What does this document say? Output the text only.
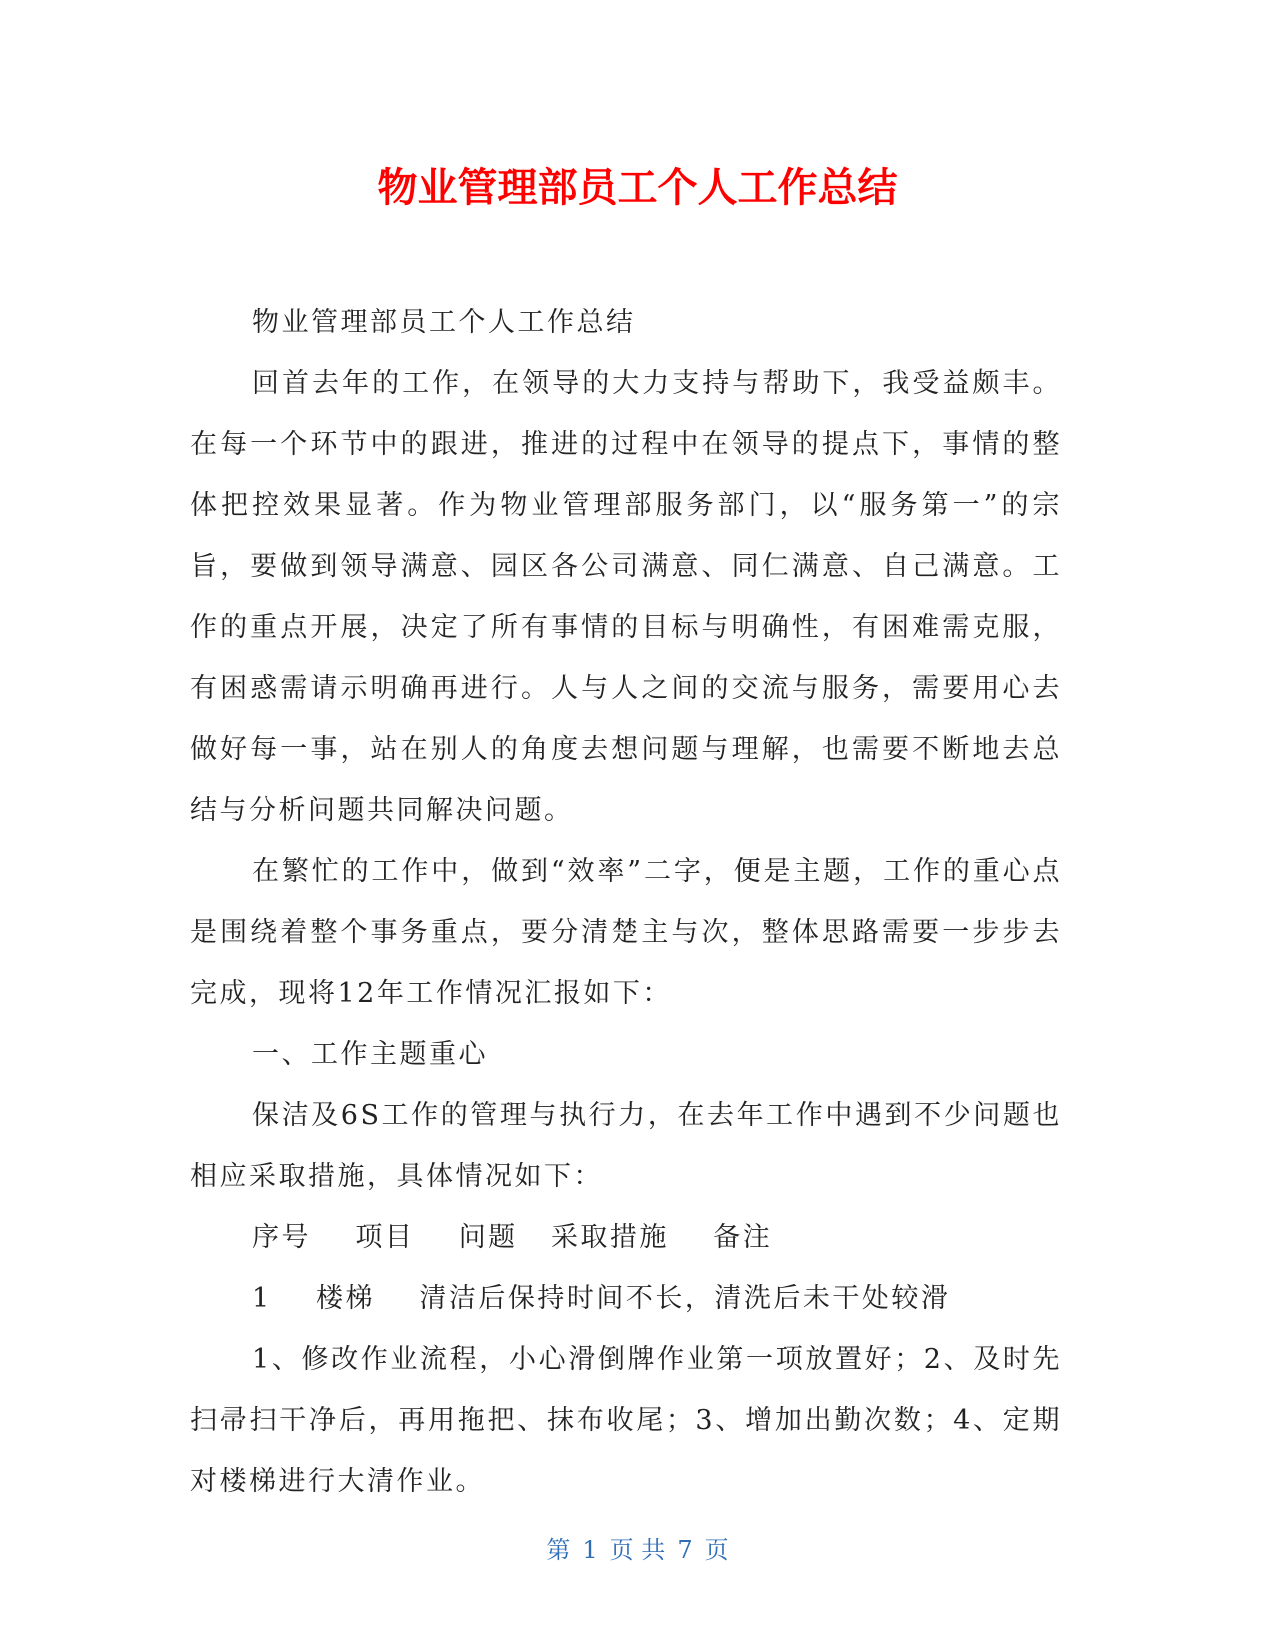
物业管理部员工个人工作总结

物业管理部员工个人工作总结

回首去年的工作，在领导的大力支持与帮助下，我受益颇丰。在每一个环节中的跟进，推进的过程中在领导的提点下，事情的整体把控效果显著。作为物业管理部服务部门，以“服务第一”的宗旨，要做到领导满意、园区各公司满意、同仁满意、自己满意。工作的重点开展，决定了所有事情的目标与明确性，有困难需克服，有困惑需请示明确再进行。人与人之间的交流与服务，需要用心去做好每一事，站在别人的角度去想问题与理解，也需要不断地去总结与分析问题共同解决问题。

在繁忙的工作中，做到“效率”二字，便是主题，工作的重心点是围绕着整个事务重点，要分清楚主与次，整体思路需要一步步去完成，现将12年工作情况汇报如下：

一、工作主题重心

保洁及6S工作的管理与执行力，在去年工作中遇到不少问题也相应采取措施，具体情况如下：

序号 项目 问题 采取措施 备注
1 楼梯 清洁后保持时间不长，清洗后未干处较滑

1、修改作业流程，小心滑倒牌作业第一项放置好；2、及时先扫帚扫干净后，再用拖把、抹布收尾；3、增加出勤次数；4、定期对楼梯进行大清作业。

第 1 页 共 7 页
